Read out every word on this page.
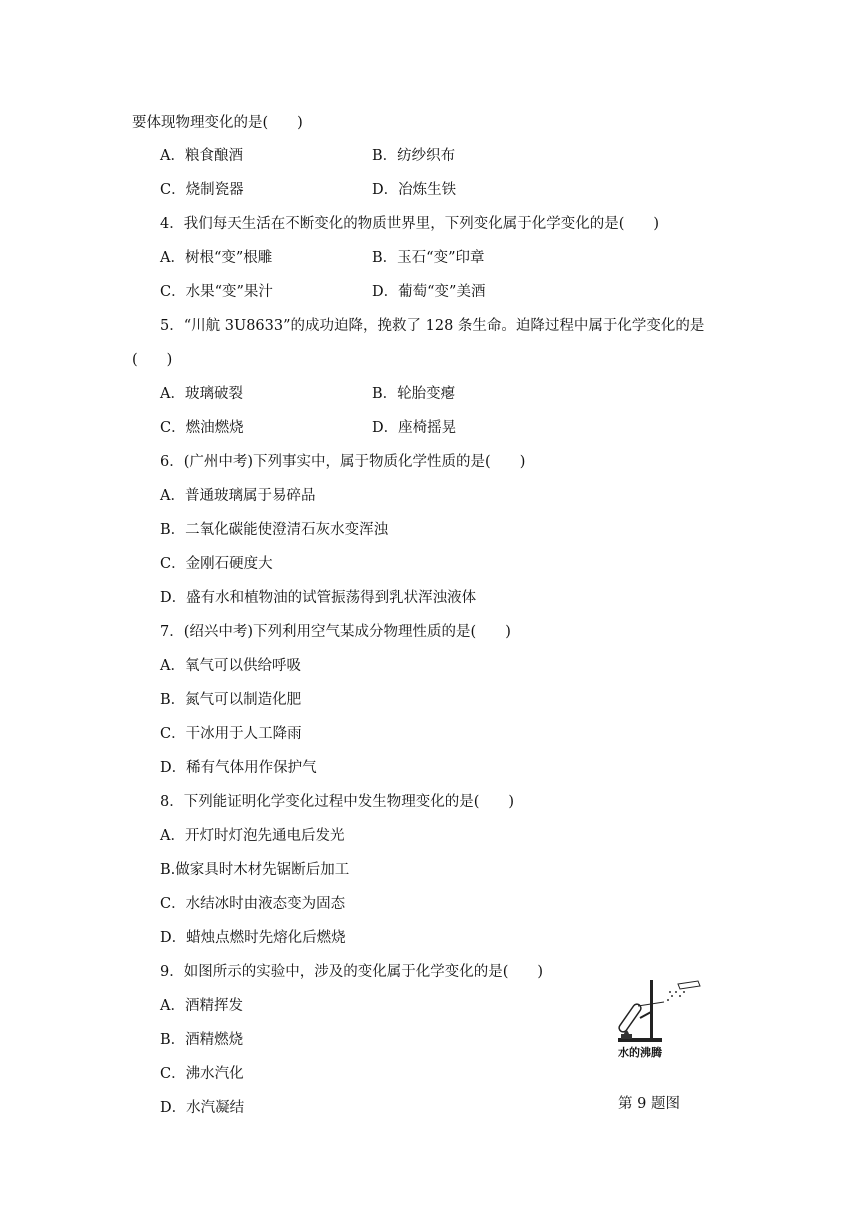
要体现物理变化的是(　　)
A．粮食酿酒	B．纺纱织布
C．烧制瓷器	D．冶炼生铁
4．我们每天生活在不断变化的物质世界里，下列变化属于化学变化的是(　　)
A．树根“变”根雕	B．玉石“变”印章
C．水果“变”果汁	D．葡萄“变”美酒
5．“川航 3U8633”的成功迫降，挽救了 128 条生命。迫降过程中属于化学变化的是
(　　)
A．玻璃破裂	B．轮胎变瘪
C．燃油燃烧	D．座椅摇晃
6．(广州中考)下列事实中，属于物质化学性质的是(　　)
A．普通玻璃属于易碎品
B．二氧化碳能使澄清石灰水变浑浊
C．金刚石硬度大
D．盛有水和植物油的试管振荡得到乳状浑浊液体
7．(绍兴中考)下列利用空气某成分物理性质的是(　　)
A．氧气可以供给呼吸
B．氮气可以制造化肥
C．干冰用于人工降雨
D．稀有气体用作保护气
8．下列能证明化学变化过程中发生物理变化的是(　　)
A．开灯时灯泡先通电后发光
B.做家具时木材先锯断后加工
C．水结冰时由液态变为固态
D．蜡烛点燃时先熔化后燃烧
9．如图所示的实验中，涉及的变化属于化学变化的是(　　)
A．酒精挥发
B．酒精燃烧
C．沸水汽化
D．水汽凝结
水的沸腾
第 9 题图
